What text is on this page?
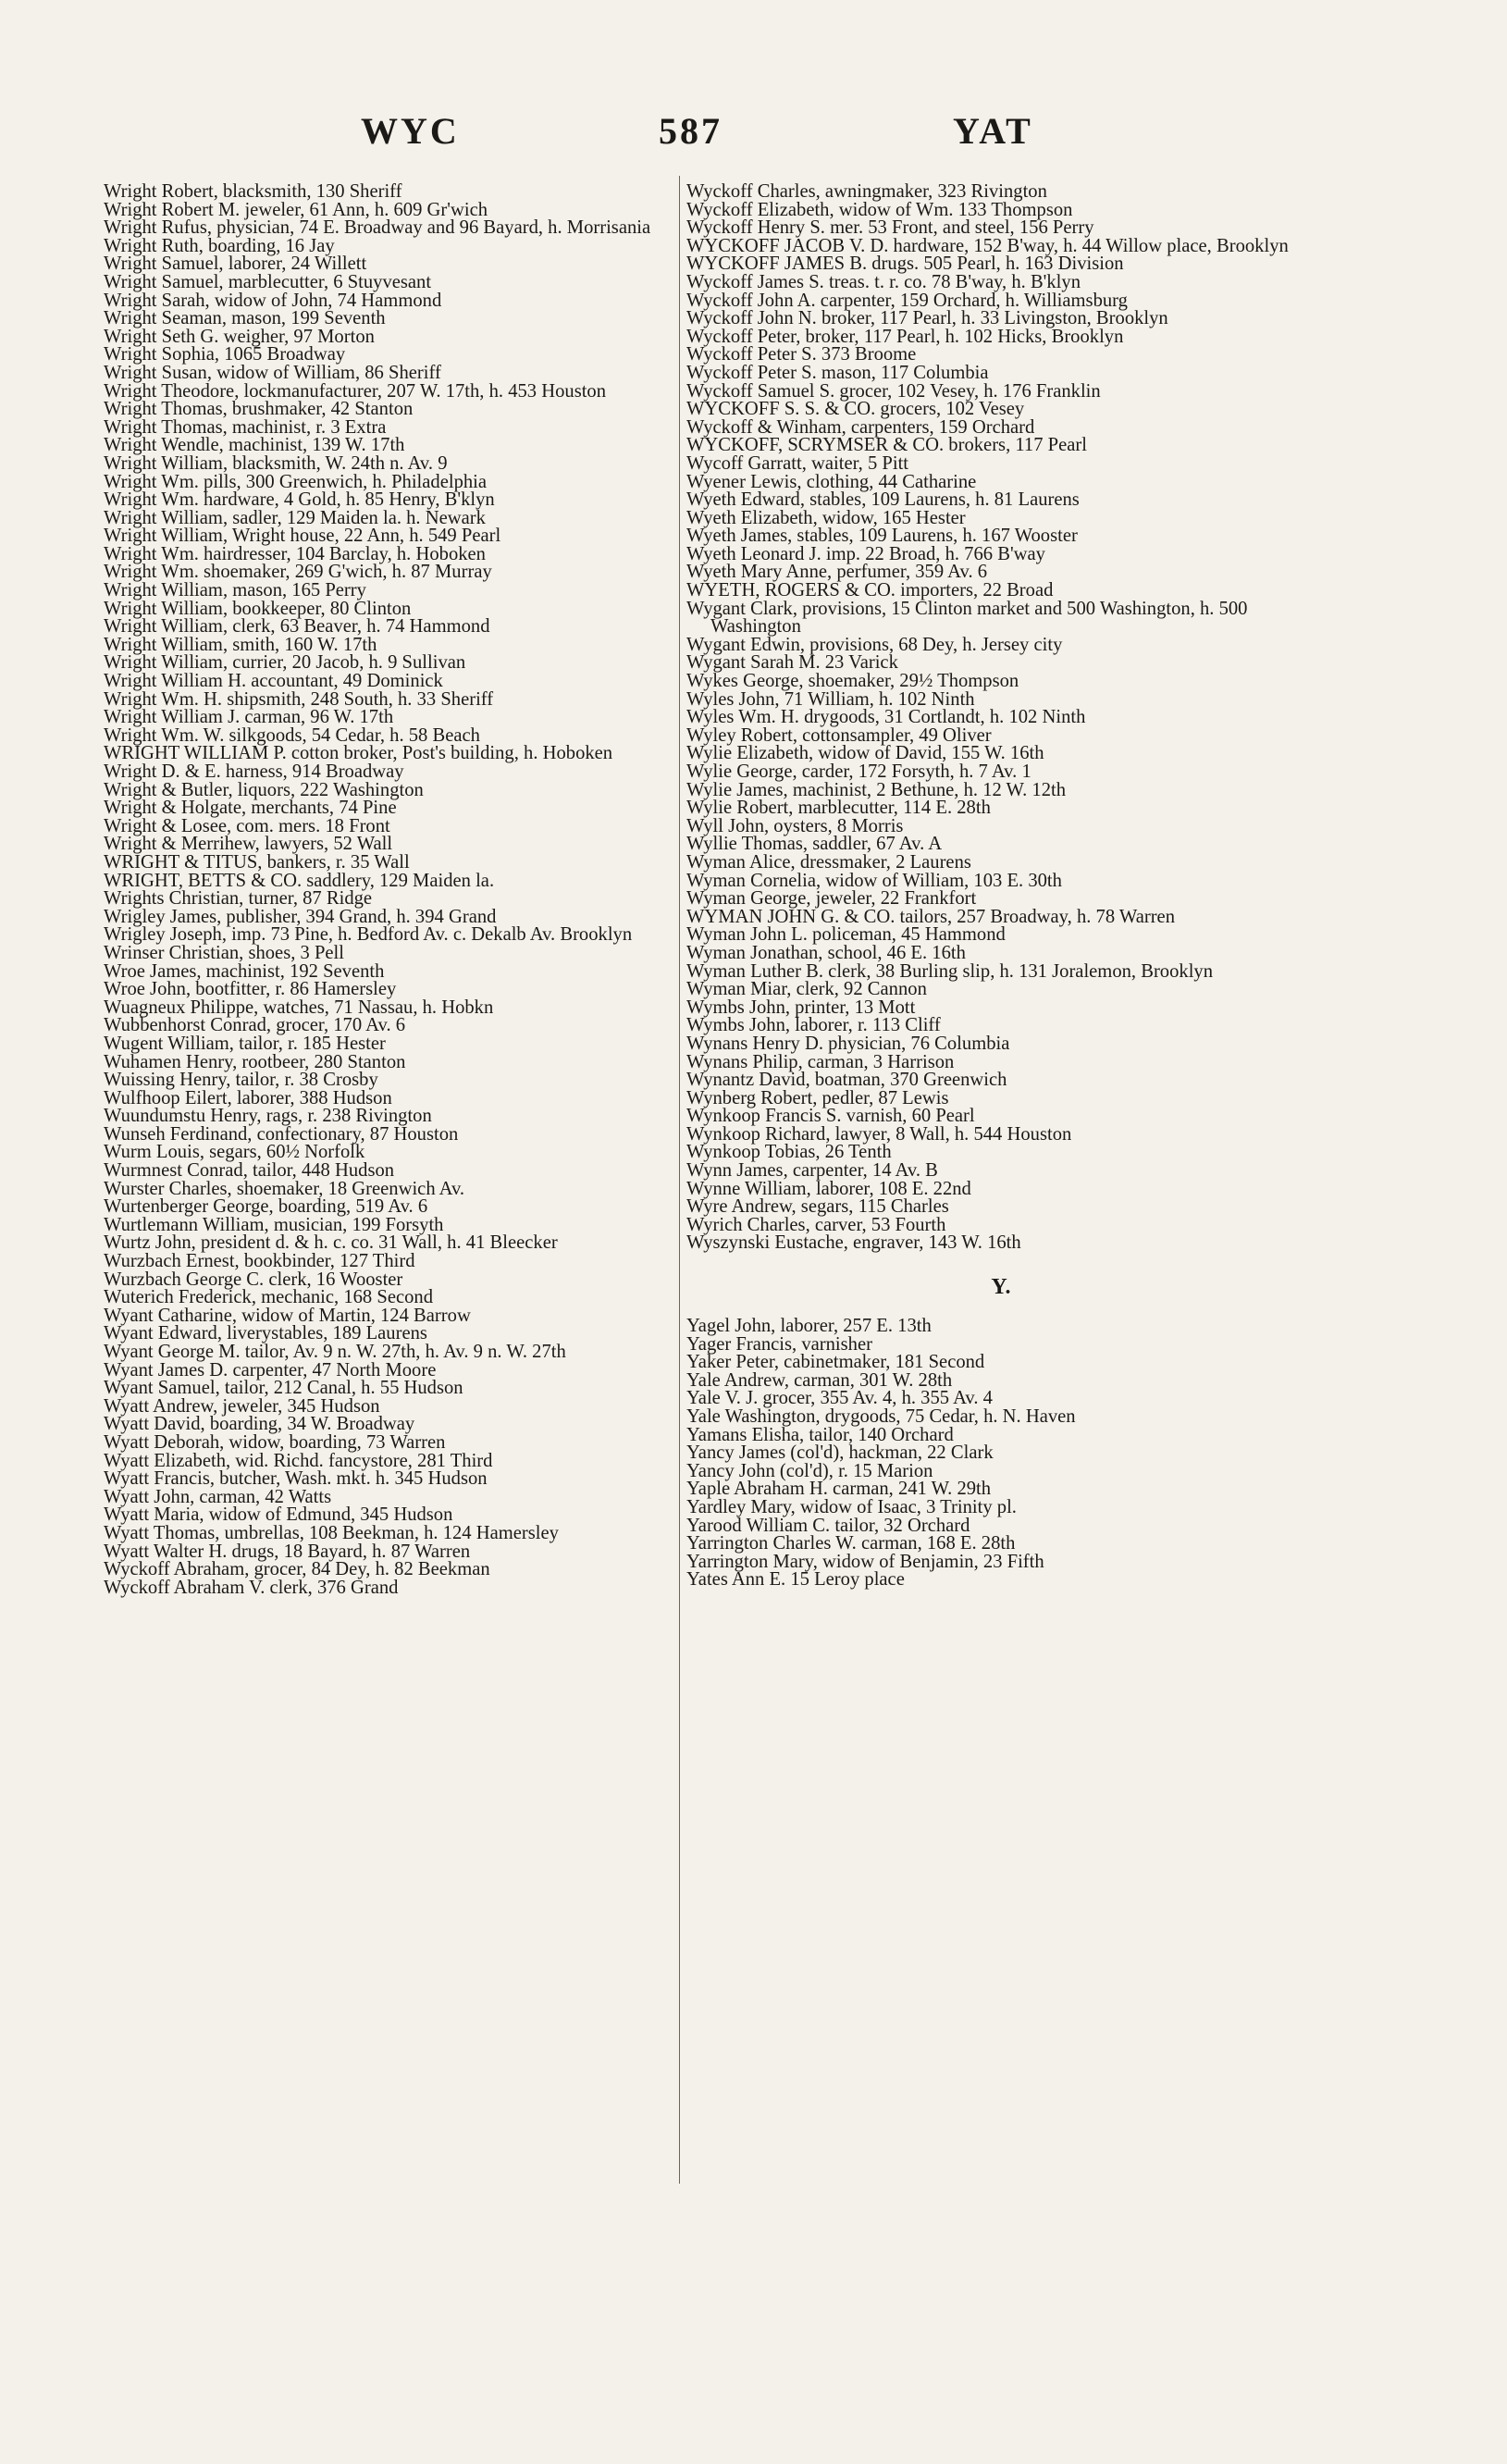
WYC	587	YAT
Wright Robert, blacksmith, 130 Sheriff
Wright Robert M. jeweler, 61 Ann, h. 609 Gr'wich
Wright Rufus, physician, 74 E. Broadway and 96 Bayard, h. Morrisania
Wright Ruth, boarding, 16 Jay
Wright Samuel, laborer, 24 Willett
Wright Samuel, marblecutter, 6 Stuyvesant
Wright Sarah, widow of John, 74 Hammond
Wright Seaman, mason, 199 Seventh
Wright Seth G. weigher, 97 Morton
Wright Sophia, 1065 Broadway
Wright Susan, widow of William, 86 Sheriff
Wright Theodore, lockmanufacturer, 207 W. 17th, h. 453 Houston
Wright Thomas, brushmaker, 42 Stanton
Wright Thomas, machinist, r. 3 Extra
Wright Wendle, machinist, 139 W. 17th
Wright William, blacksmith, W. 24th n. Av. 9
Wright Wm. pills, 300 Greenwich, h. Philadelphia
Wright Wm. hardware, 4 Gold, h. 85 Henry, B'klyn
Wright William, sadler, 129 Maiden la. h. Newark
Wright William, Wright house, 22 Ann, h. 549 Pearl
Wright Wm. hairdresser, 104 Barclay, h. Hoboken
Wright Wm. shoemaker, 269 G'wich, h. 87 Murray
Wright William, mason, 165 Perry
Wright William, bookkeeper, 80 Clinton
Wright William, clerk, 63 Beaver, h. 74 Hammond
Wright William, smith, 160 W. 17th
Wright William, currier, 20 Jacob, h. 9 Sullivan
Wright William H. accountant, 49 Dominick
Wright Wm. H. shipsmith, 248 South, h. 33 Sheriff
Wright William J. carman, 96 W. 17th
Wright Wm. W. silkgoods, 54 Cedar, h. 58 Beach
WRIGHT WILLIAM P. cotton broker, Post's building, h. Hoboken
Wright D. & E. harness, 914 Broadway
Wright & Butler, liquors, 222 Washington
Wright & Holgate, merchants, 74 Pine
Wright & Losee, com. mers. 18 Front
Wright & Merrihew, lawyers, 52 Wall
WRIGHT & TITUS, bankers, r. 35 Wall
WRIGHT, BETTS & CO. saddlery, 129 Maiden la.
Wrights Christian, turner, 87 Ridge
Wrigley James, publisher, 394 Grand, h. 394 Grand
Wrigley Joseph, imp. 73 Pine, h. Bedford Av. c. Dekalb Av. Brooklyn
Wrinser Christian, shoes, 3 Pell
Wroe James, machinist, 192 Seventh
Wroe John, bootfitter, r. 86 Hamersley
Wuagneux Philippe, watches, 71 Nassau, h. Hobkn
Wubbenhorst Conrad, grocer, 170 Av. 6
Wugent William, tailor, r. 185 Hester
Wuhamen Henry, rootbeer, 280 Stanton
Wuissing Henry, tailor, r. 38 Crosby
Wulfhoop Eilert, laborer, 388 Hudson
Wuundumstu Henry, rags, r. 238 Rivington
Wunseh Ferdinand, confectionary, 87 Houston
Wurm Louis, segars, 60½ Norfolk
Wurmnest Conrad, tailor, 448 Hudson
Wurster Charles, shoemaker, 18 Greenwich Av.
Wurtenberger George, boarding, 519 Av. 6
Wurtlemann William, musician, 199 Forsyth
Wurtz John, president d. & h. c. co. 31 Wall, h. 41 Bleecker
Wurzbach Ernest, bookbinder, 127 Third
Wurzbach George C. clerk, 16 Wooster
Wuterich Frederick, mechanic, 168 Second
Wyant Catharine, widow of Martin, 124 Barrow
Wyant Edward, liverystables, 189 Laurens
Wyant George M. tailor, Av. 9 n. W. 27th, h. Av. 9 n. W. 27th
Wyant James D. carpenter, 47 North Moore
Wyant Samuel, tailor, 212 Canal, h. 55 Hudson
Wyatt Andrew, jeweler, 345 Hudson
Wyatt David, boarding, 34 W. Broadway
Wyatt Deborah, widow, boarding, 73 Warren
Wyatt Elizabeth, wid. Richd. fancystore, 281 Third
Wyatt Francis, butcher, Wash. mkt. h. 345 Hudson
Wyatt John, carman, 42 Watts
Wyatt Maria, widow of Edmund, 345 Hudson
Wyatt Thomas, umbrellas, 108 Beekman, h. 124 Hamersley
Wyatt Walter H. drugs, 18 Bayard, h. 87 Warren
Wyckoff Abraham, grocer, 84 Dey, h. 82 Beekman
Wyckoff Abraham V. clerk, 376 Grand
Wyckoff Charles, awningmaker, 323 Rivington
Wyckoff Elizabeth, widow of Wm. 133 Thompson
Wyckoff Henry S. mer. 53 Front, and steel, 156 Perry
WYCKOFF JACOB V. D. hardware, 152 B'way, h. 44 Willow place, Brooklyn
WYCKOFF JAMES B. drugs. 505 Pearl, h. 163 Division
Wyckoff James S. treas. t. r. co. 78 B'way, h. B'klyn
Wyckoff John A. carpenter, 159 Orchard, h. Williamsburg
Wyckoff John N. broker, 117 Pearl, h. 33 Livingston, Brooklyn
Wyckoff Peter, broker, 117 Pearl, h. 102 Hicks, Brooklyn
Wyckoff Peter S. 373 Broome
Wyckoff Peter S. mason, 117 Columbia
Wyckoff Samuel S. grocer, 102 Vesey, h. 176 Franklin
WYCKOFF S. S. & CO. grocers, 102 Vesey
Wyckoff & Winham, carpenters, 159 Orchard
WYCKOFF, SCRYMSER & CO. brokers, 117 Pearl
Wycoff Garratt, waiter, 5 Pitt
Wyener Lewis, clothing, 44 Catharine
Wyeth Edward, stables, 109 Laurens, h. 81 Laurens
Wyeth Elizabeth, widow, 165 Hester
Wyeth James, stables, 109 Laurens, h. 167 Wooster
Wyeth Leonard J. imp. 22 Broad, h. 766 B'way
Wyeth Mary Anne, perfumer, 359 Av. 6
WYETH, ROGERS & CO. importers, 22 Broad
Wygant Clark, provisions, 15 Clinton market and 500 Washington, h. 500 Washington
Wygant Edwin, provisions, 68 Dey, h. Jersey city
Wygant Sarah M. 23 Varick
Wykes George, shoemaker, 29½ Thompson
Wyles John, 71 William, h. 102 Ninth
Wyles Wm. H. drygoods, 31 Cortlandt, h. 102 Ninth
Wyley Robert, cottonsampler, 49 Oliver
Wylie Elizabeth, widow of David, 155 W. 16th
Wylie George, carder, 172 Forsyth, h. 7 Av. 1
Wylie James, machinist, 2 Bethune, h. 12 W. 12th
Wylie Robert, marblecutter, 114 E. 28th
Wyll John, oysters, 8 Morris
Wyllie Thomas, saddler, 67 Av. A
Wyman Alice, dressmaker, 2 Laurens
Wyman Cornelia, widow of William, 103 E. 30th
Wyman George, jeweler, 22 Frankfort
WYMAN JOHN G. & CO. tailors, 257 Broadway, h. 78 Warren
Wyman John L. policeman, 45 Hammond
Wyman Jonathan, school, 46 E. 16th
Wyman Luther B. clerk, 38 Burling slip, h. 131 Joralemon, Brooklyn
Wyman Miar, clerk, 92 Cannon
Wymbs John, printer, 13 Mott
Wymbs John, laborer, r. 113 Cliff
Wynans Henry D. physician, 76 Columbia
Wynans Philip, carman, 3 Harrison
Wynantz David, boatman, 370 Greenwich
Wynberg Robert, pedler, 87 Lewis
Wynkoop Francis S. varnish, 60 Pearl
Wynkoop Richard, lawyer, 8 Wall, h. 544 Houston
Wynkoop Tobias, 26 Tenth
Wynn James, carpenter, 14 Av. B
Wynne William, laborer, 108 E. 22nd
Wyre Andrew, segars, 115 Charles
Wyrich Charles, carver, 53 Fourth
Wyszynski Eustache, engraver, 143 W. 16th
Y.
Yagel John, laborer, 257 E. 13th
Yager Francis, varnisher
Yaker Peter, cabinetmaker, 181 Second
Yale Andrew, carman, 301 W. 28th
Yale V. J. grocer, 355 Av. 4, h. 355 Av. 4
Yale Washington, drygoods, 75 Cedar, h. N. Haven
Yamans Elisha, tailor, 140 Orchard
Yancy James (col'd), hackman, 22 Clark
Yancy John (col'd), r. 15 Marion
Yaple Abraham H. carman, 241 W. 29th
Yardley Mary, widow of Isaac, 3 Trinity pl.
Yarood William C. tailor, 32 Orchard
Yarrington Charles W. carman, 168 E. 28th
Yarrington Mary, widow of Benjamin, 23 Fifth
Yates Ann E. 15 Leroy place
